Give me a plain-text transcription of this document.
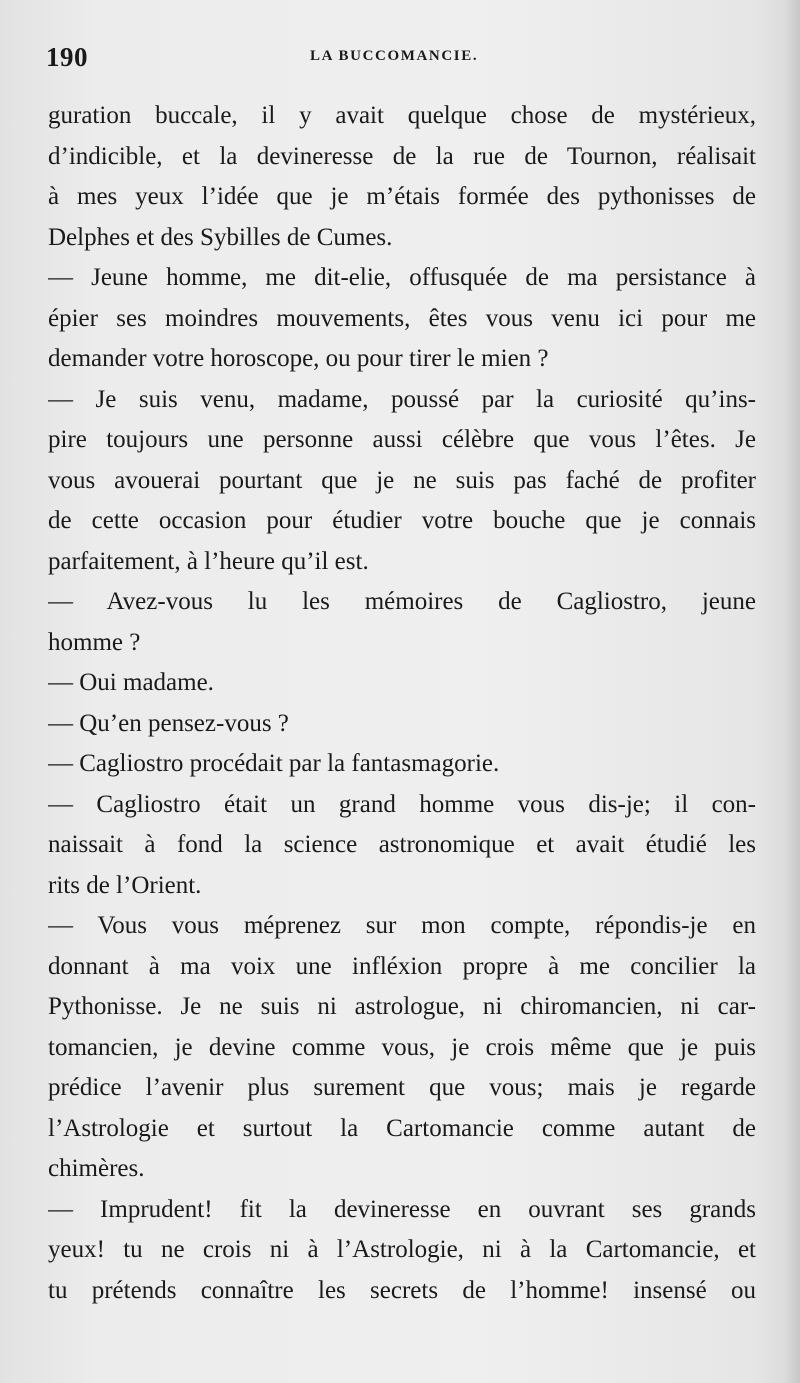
190	LA BUCCOMANCIE.
guration buccale, il y avait quelque chose de mystérieux,
d’indicible, et la devineresse de la rue de Tournon, réalisait
à mes yeux l’idée que je m’étais formée des pythonisses de
Delphes et des Sybilles de Cumes.
— Jeune homme, me dit-elie, offusquée de ma persistance à
épier ses moindres mouvements, êtes vous venu ici pour me
demander votre horoscope, ou pour tirer le mien ?
— Je suis venu, madame, poussé par la curiosité qu’ins-
pire toujours une personne aussi célèbre que vous l’êtes. Je
vous avouerai pourtant que je ne suis pas faché de profiter
de cette occasion pour étudier votre bouche que je connais
parfaitement, à l’heure qu’il est.
— Avez-vous lu les mémoires de Cagliostro, jeune
homme ?
— Oui madame.
— Qu’en pensez-vous ?
— Cagliostro procédait par la fantasmagorie.
— Cagliostro était un grand homme vous dis-je; il con-
naissait à fond la science astronomique et avait étudié les
rits de l’Orient.
— Vous vous méprenez sur mon compte, répondis-je en
donnant à ma voix une infléxion propre à me concilier la
Pythonisse. Je ne suis ni astrologue, ni chiromancien, ni car-
tomancien, je devine comme vous, je crois même que je puis
prédice l’avenir plus surement que vous; mais je regarde
l’Astrologie et surtout la Cartomancie comme autant de
chimères.
— Imprudent! fit la devineresse en ouvrant ses grands
yeux! tu ne crois ni à l’Astrologie, ni à la Cartomancie, et
tu prétends connaître les secrets de l’homme! insensé ou
